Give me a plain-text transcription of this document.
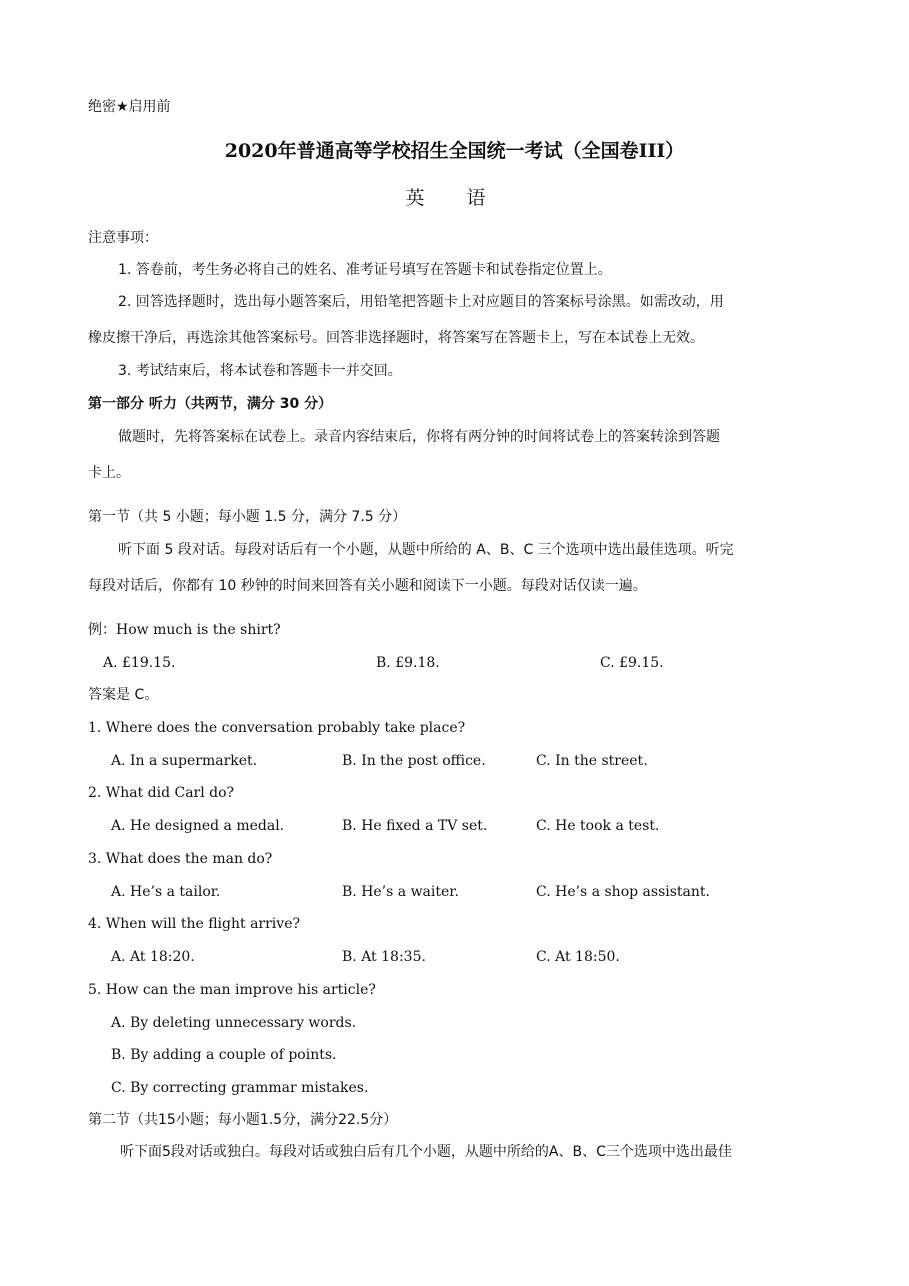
绝密★启用前
2020年普通高等学校招生全国统一考试（全国卷III）
英 语
注意事项：
1. 答卷前，考生务必将自己的姓名、准考证号填写在答题卡和试卷指定位置上。
2. 回答选择题时，选出每小题答案后，用铅笔把答题卡上对应题目的答案标号涂黑。如需改动，用
橡皮擦干净后，再选涂其他答案标号。回答非选择题时，将答案写在答题卡上，写在本试卷上无效。
3. 考试结束后，将本试卷和答题卡一并交回。
第一部分 听力（共两节，满分 30 分）
做题时，先将答案标在试卷上。录音内容结束后，你将有两分钟的时间将试卷上的答案转涂到答题
卡上。
第一节（共 5 小题；每小题 1.5 分，满分 7.5 分）
听下面 5 段对话。每段对话后有一个小题，从题中所给的 A、B、C 三个选项中选出最佳选项。听完
每段对话后，你都有 10 秒钟的时间来回答有关小题和阅读下一小题。每段对话仅读一遍。
例：How much is the shirt?
A. £19.15.	B. £9.18.	C. £9.15.
答案是 C。
1. Where does the conversation probably take place?
A. In a supermarket.	B. In the post office.	C. In the street.
2. What did Carl do?
A. He designed a medal.	B. He fixed a TV set.	C. He took a test.
3. What does the man do?
A. He’s a tailor.	B. He’s a waiter.	C. He’s a shop assistant.
4. When will the flight arrive?
A. At 18:20.	B. At 18:35.	C. At 18:50.
5. How can the man improve his article?
A. By deleting unnecessary words.
B. By adding a couple of points.
C. By correcting grammar mistakes.
第二节（共15小题；每小题1.5分，满分22.5分）
听下面5段对话或独白。每段对话或独白后有几个小题，从题中所给的A、B、C三个选项中选出最佳
